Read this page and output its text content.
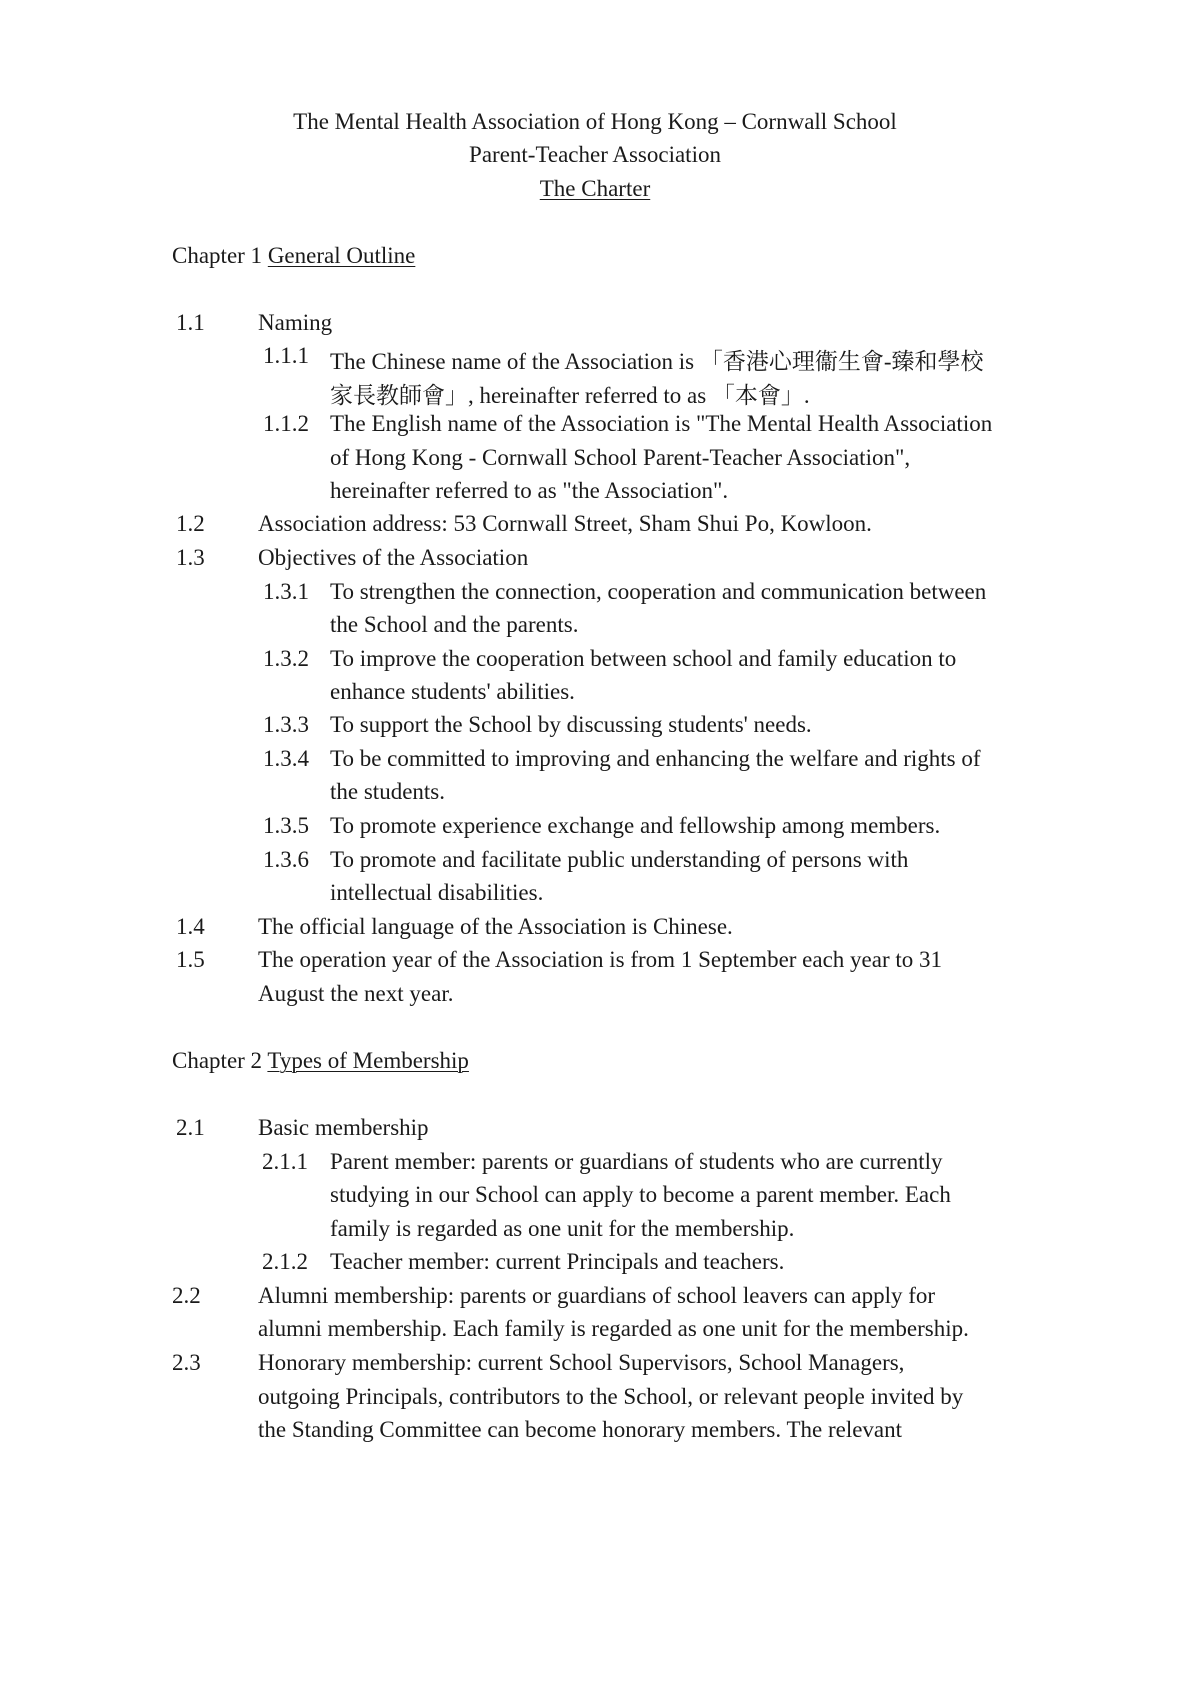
The Mental Health Association of Hong Kong – Cornwall School
Parent-Teacher Association
The Charter
Chapter 1 General Outline
1.1 Naming
1.1.1 The Chinese name of the Association is 「香港心理衞生會-臻和學校
家長教師會」, hereinafter referred to as 「本會」.
1.1.2 The English name of the Association is "The Mental Health Association
of Hong Kong - Cornwall School Parent-Teacher Association",
hereinafter referred to as "the Association".
1.2 Association address: 53 Cornwall Street, Sham Shui Po, Kowloon.
1.3 Objectives of the Association
1.3.1 To strengthen the connection, cooperation and communication between
the School and the parents.
1.3.2 To improve the cooperation between school and family education to
enhance students' abilities.
1.3.3 To support the School by discussing students' needs.
1.3.4 To be committed to improving and enhancing the welfare and rights of
the students.
1.3.5 To promote experience exchange and fellowship among members.
1.3.6 To promote and facilitate public understanding of persons with
intellectual disabilities.
1.4 The official language of the Association is Chinese.
1.5 The operation year of the Association is from 1 September each year to 31
August the next year.
Chapter 2 Types of Membership
2.1 Basic membership
2.1.1 Parent member: parents or guardians of students who are currently
studying in our School can apply to become a parent member. Each
family is regarded as one unit for the membership.
2.1.2 Teacher member: current Principals and teachers.
2.2 Alumni membership: parents or guardians of school leavers can apply for
alumni membership. Each family is regarded as one unit for the membership.
2.3 Honorary membership: current School Supervisors, School Managers,
outgoing Principals, contributors to the School, or relevant people invited by
the Standing Committee can become honorary members. The relevant
